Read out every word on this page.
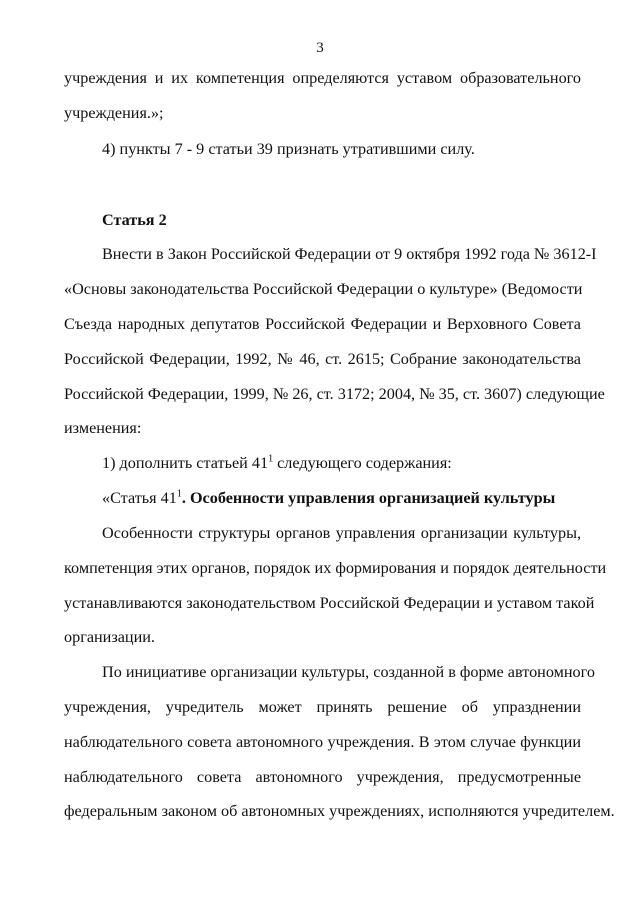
3
учреждения и их компетенция определяются уставом образовательного
учреждения.»;
4) пункты 7 - 9 статьи 39 признать утратившими силу.
Статья 2
Внести в Закон Российской Федерации от 9 октября 1992 года № 3612-I
«Основы законодательства Российской Федерации о культуре» (Ведомости
Съезда народных депутатов Российской Федерации и Верховного Совета
Российской Федерации, 1992, № 46, ст. 2615; Собрание законодательства
Российской Федерации, 1999, № 26, ст. 3172; 2004, № 35, ст. 3607) следующие
изменения:
1) дополнить статьей $41^1$ следующего содержания:
«Статья $41^1$. Особенности управления организацией культуры
Особенности структуры органов управления организации культуры,
компетенция этих органов, порядок их формирования и порядок деятельности
устанавливаются законодательством Российской Федерации и уставом такой
организации.
По инициативе организации культуры, созданной в форме автономного
учреждения, учредитель может принять решение об упразднении
наблюдательного совета автономного учреждения. В этом случае функции
наблюдательного совета автономного учреждения, предусмотренные
федеральным законом об автономных учреждениях, исполняются учредителем.
